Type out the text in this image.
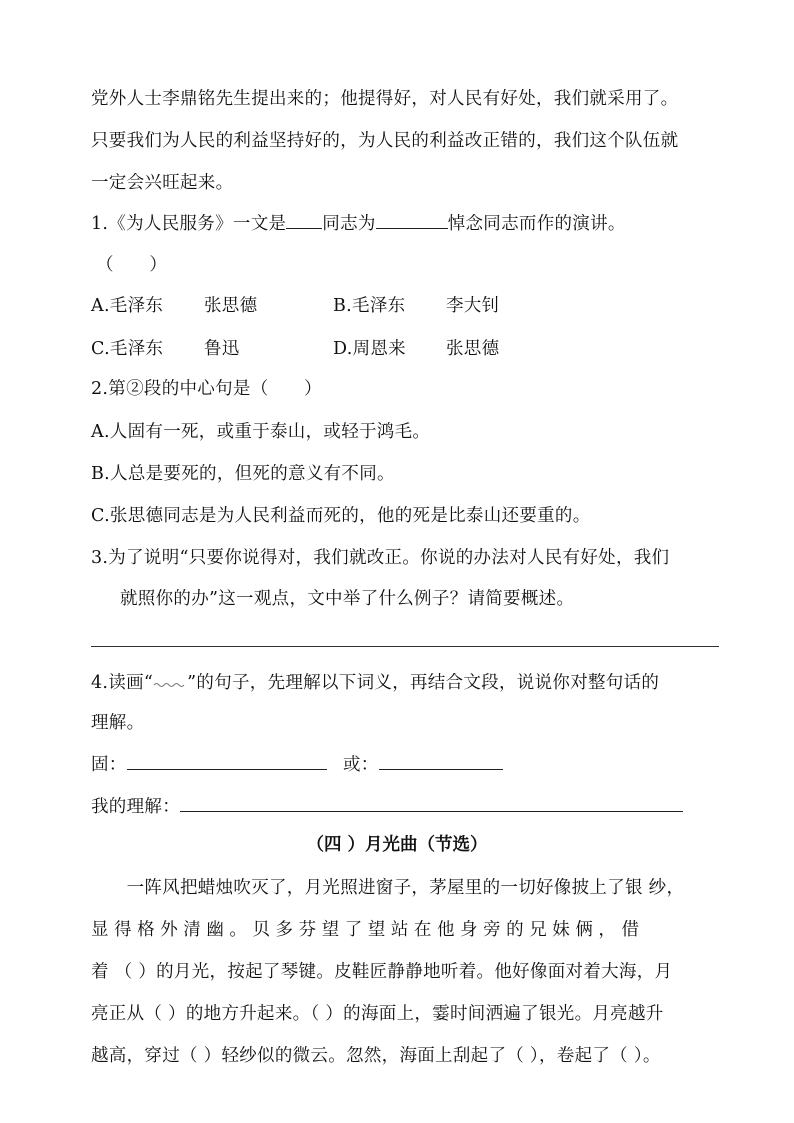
党外人士李鼎铭先生提出来的；他提得好，对人民有好处，我们就采用了。
只要我们为人民的利益坚持好的，为人民的利益改正错的，我们这个队伍就
一定会兴旺起来。
1.《为人民服务》一文是 同志为	悼念同志而作的演讲。
（　　）
A.毛泽东 张思德	B.毛泽东 李大钊
C.毛泽东 鲁迅	D.周恩来 张思德
2.第②段的中心句是（　　）
A.人固有一死，或重于泰山，或轻于鸿毛。
B.人总是要死的，但死的意义有不同。
C.张思德同志是为人民利益而死的，他的死是比泰山还要重的。
3.为了说明“只要你说得对，我们就改正。你说的办法对人民有好处，我们
就照你的办”这一观点，文中举了什么例子？请简要概述。
4.读画“ ”的句子，先理解以下词义，再结合文段，说说你对整句话的
理解。
固：	或：
我的理解：
（四 ）月光曲（节选）
　　一阵风把蜡烛吹灭了，月光照进窗子，茅屋里的一切好像披上了银 纱，
显 得 格 外 清 幽 。 贝 多 芬 望 了 望 站 在 他 身 旁 的 兄 妹 俩 ， 借
着 （ ）的月光，按起了琴键。皮鞋匠静静地听着。他好像面对着大海，月
亮正从（ ）的地方升起来。（ ）的海面上，霎时间洒遍了银光。月亮越升
越高，穿过（ ）轻纱似的微云。忽然，海面上刮起了（ ），卷起了（ ）。
